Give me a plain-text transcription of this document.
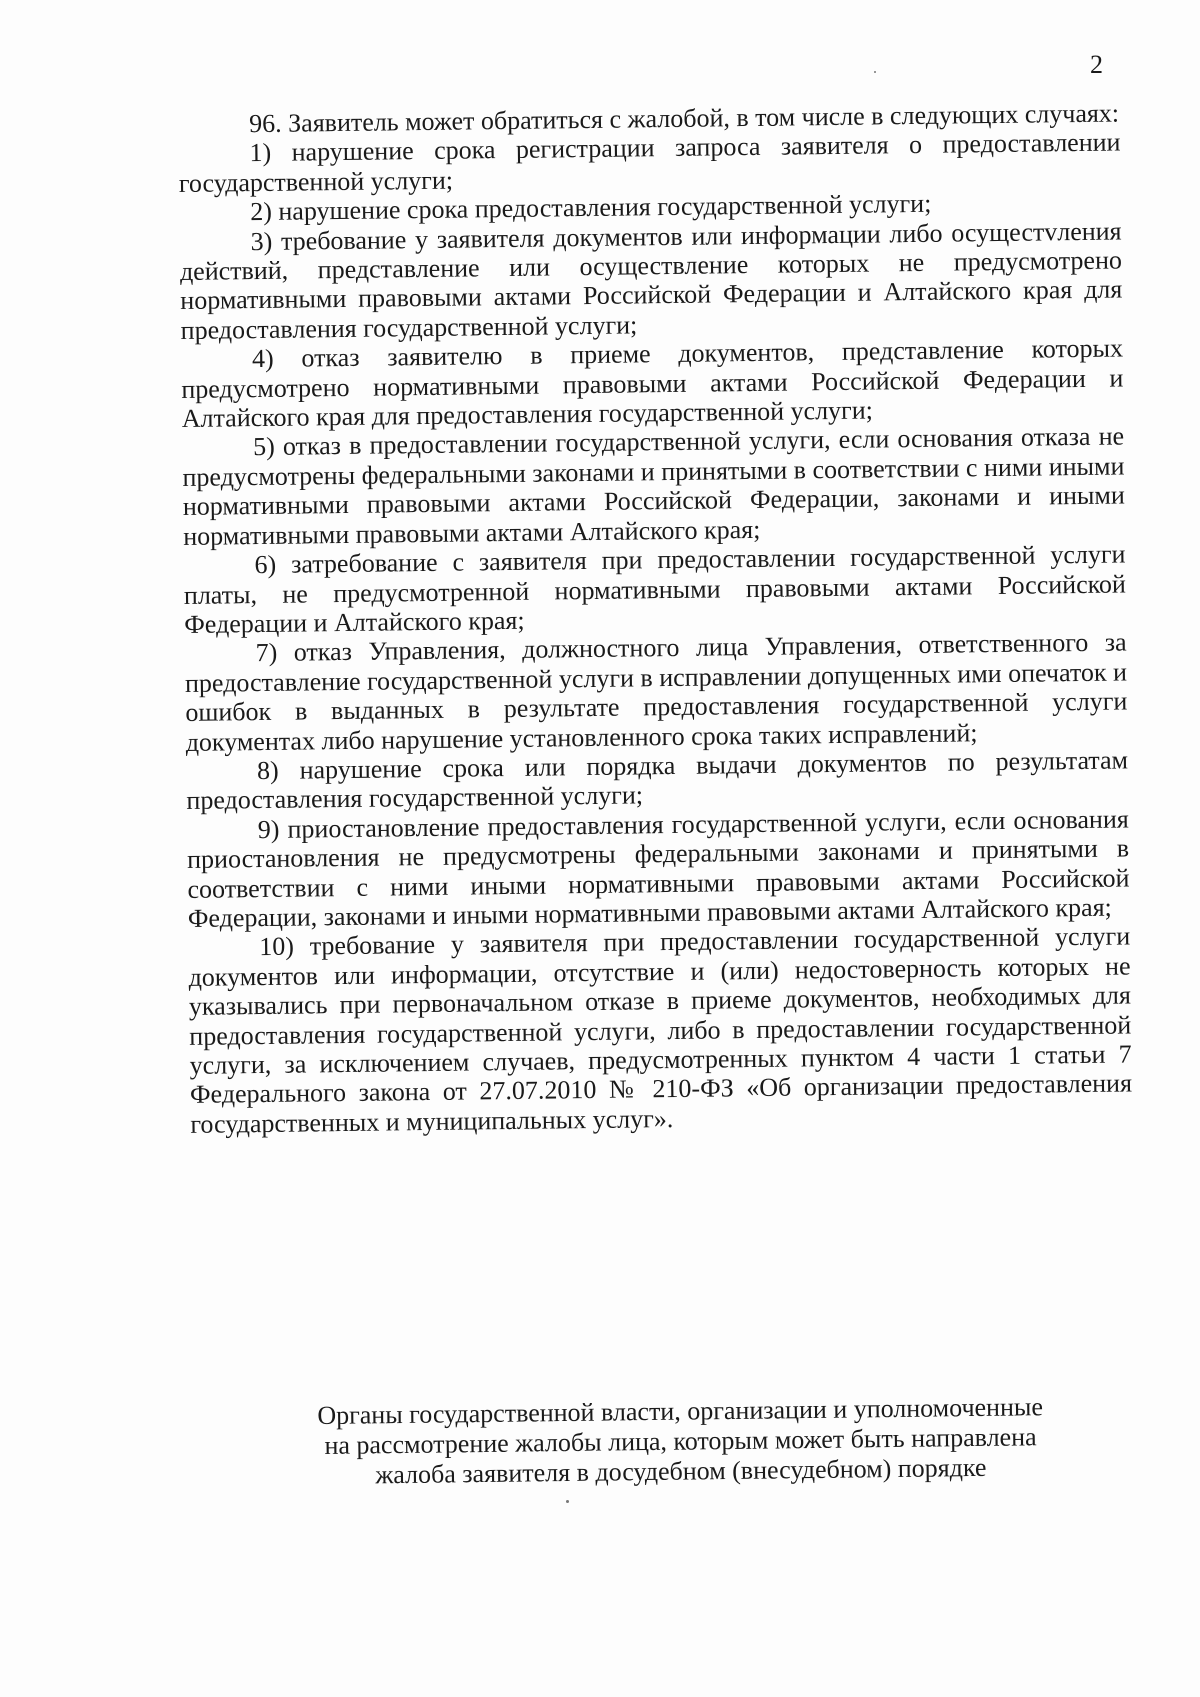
2

96. Заявитель может обратиться с жалобой, в том числе в следующих случаях:

1) нарушение срока регистрации запроса заявителя о предоставлении государственной услуги;

2) нарушение срока предоставления государственной услуги;

3) требование у заявителя документов или информации либо осущестvления действий, представление или осуществление которых не предусмотрено нормативными правовыми актами Российской Федерации и Алтайского края для предоставления государственной услуги;

4) отказ заявителю в приеме документов, представление которых предусмотрено нормативными правовыми актами Российской Федерации и Алтайского края для предоставления государственной услуги;

5) отказ в предоставлении государственной услуги, если основания отказа не предусмотрены федеральными законами и принятыми в соответствии с ними иными нормативными правовыми актами Российской Федерации, законами и иными нормативными правовыми актами Алтайского края;

6) затребование с заявителя при предоставлении государственной услуги платы, не предусмотренной нормативными правовыми актами Российской Федерации и Алтайского края;

7) отказ Управления, должностного лица Управления, ответственного за предоставление государственной услуги в исправлении допущенных ими опечаток и ошибок в выданных в результате предоставления государственной услуги документах либо нарушение установленного срока таких исправлений;

8) нарушение срока или порядка выдачи документов по результатам предоставления государственной услуги;

9) приостановление предоставления государственной услуги, если основания приостановления не предусмотрены федеральными законами и принятыми в соответствии с ними иными нормативными правовыми актами Российской Федерации, законами и иными нормативными правовыми актами Алтайского края;

10) требование у заявителя при предоставлении государственной услуги документов или информации, отсутствие и (или) недостоверность которых не указывались при первоначальном отказе в приеме документов, необходимых для предоставления государственной услуги, либо в предоставлении государственной услуги, за исключением случаев, предусмотренных пунктом 4 части 1 статьи 7 Федерального закона от 27.07.2010 № 210-ФЗ «Об организации предоставления государственных и муниципальных услуг».

Органы государственной власти, организации и уполномоченные
на рассмотрение жалобы лица, которым может быть направлена
жалоба заявителя в досудебном (внесудебном) порядке
